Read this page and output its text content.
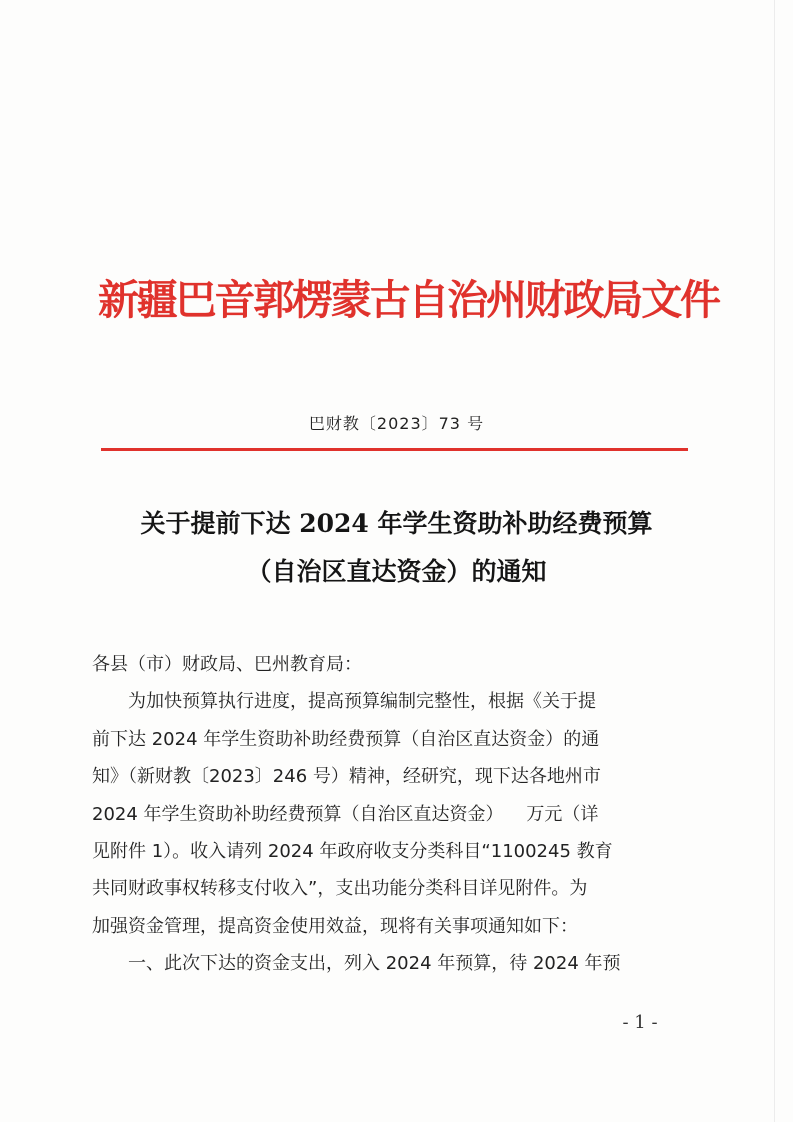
新疆巴音郭楞蒙古自治州财政局文件
巴财教〔2023〕73 号
关于提前下达 2024 年学生资助补助经费预算
（自治区直达资金）的通知
各县（市）财政局、巴州教育局：
为加快预算执行进度，提高预算编制完整性，根据《关于提
前下达 2024 年学生资助补助经费预算（自治区直达资金）的通
知》（新财教〔2023〕246 号）精神，经研究，现下达各地州市
2024 年学生资助补助经费预算（自治区直达资金）    万元（详
见附件 1）。收入请列 2024 年政府收支分类科目“1100245 教育
共同财政事权转移支付收入”，支出功能分类科目详见附件。为
加强资金管理，提高资金使用效益，现将有关事项通知如下：
一、此次下达的资金支出，列入 2024 年预算，待 2024 年预
- 1 -
